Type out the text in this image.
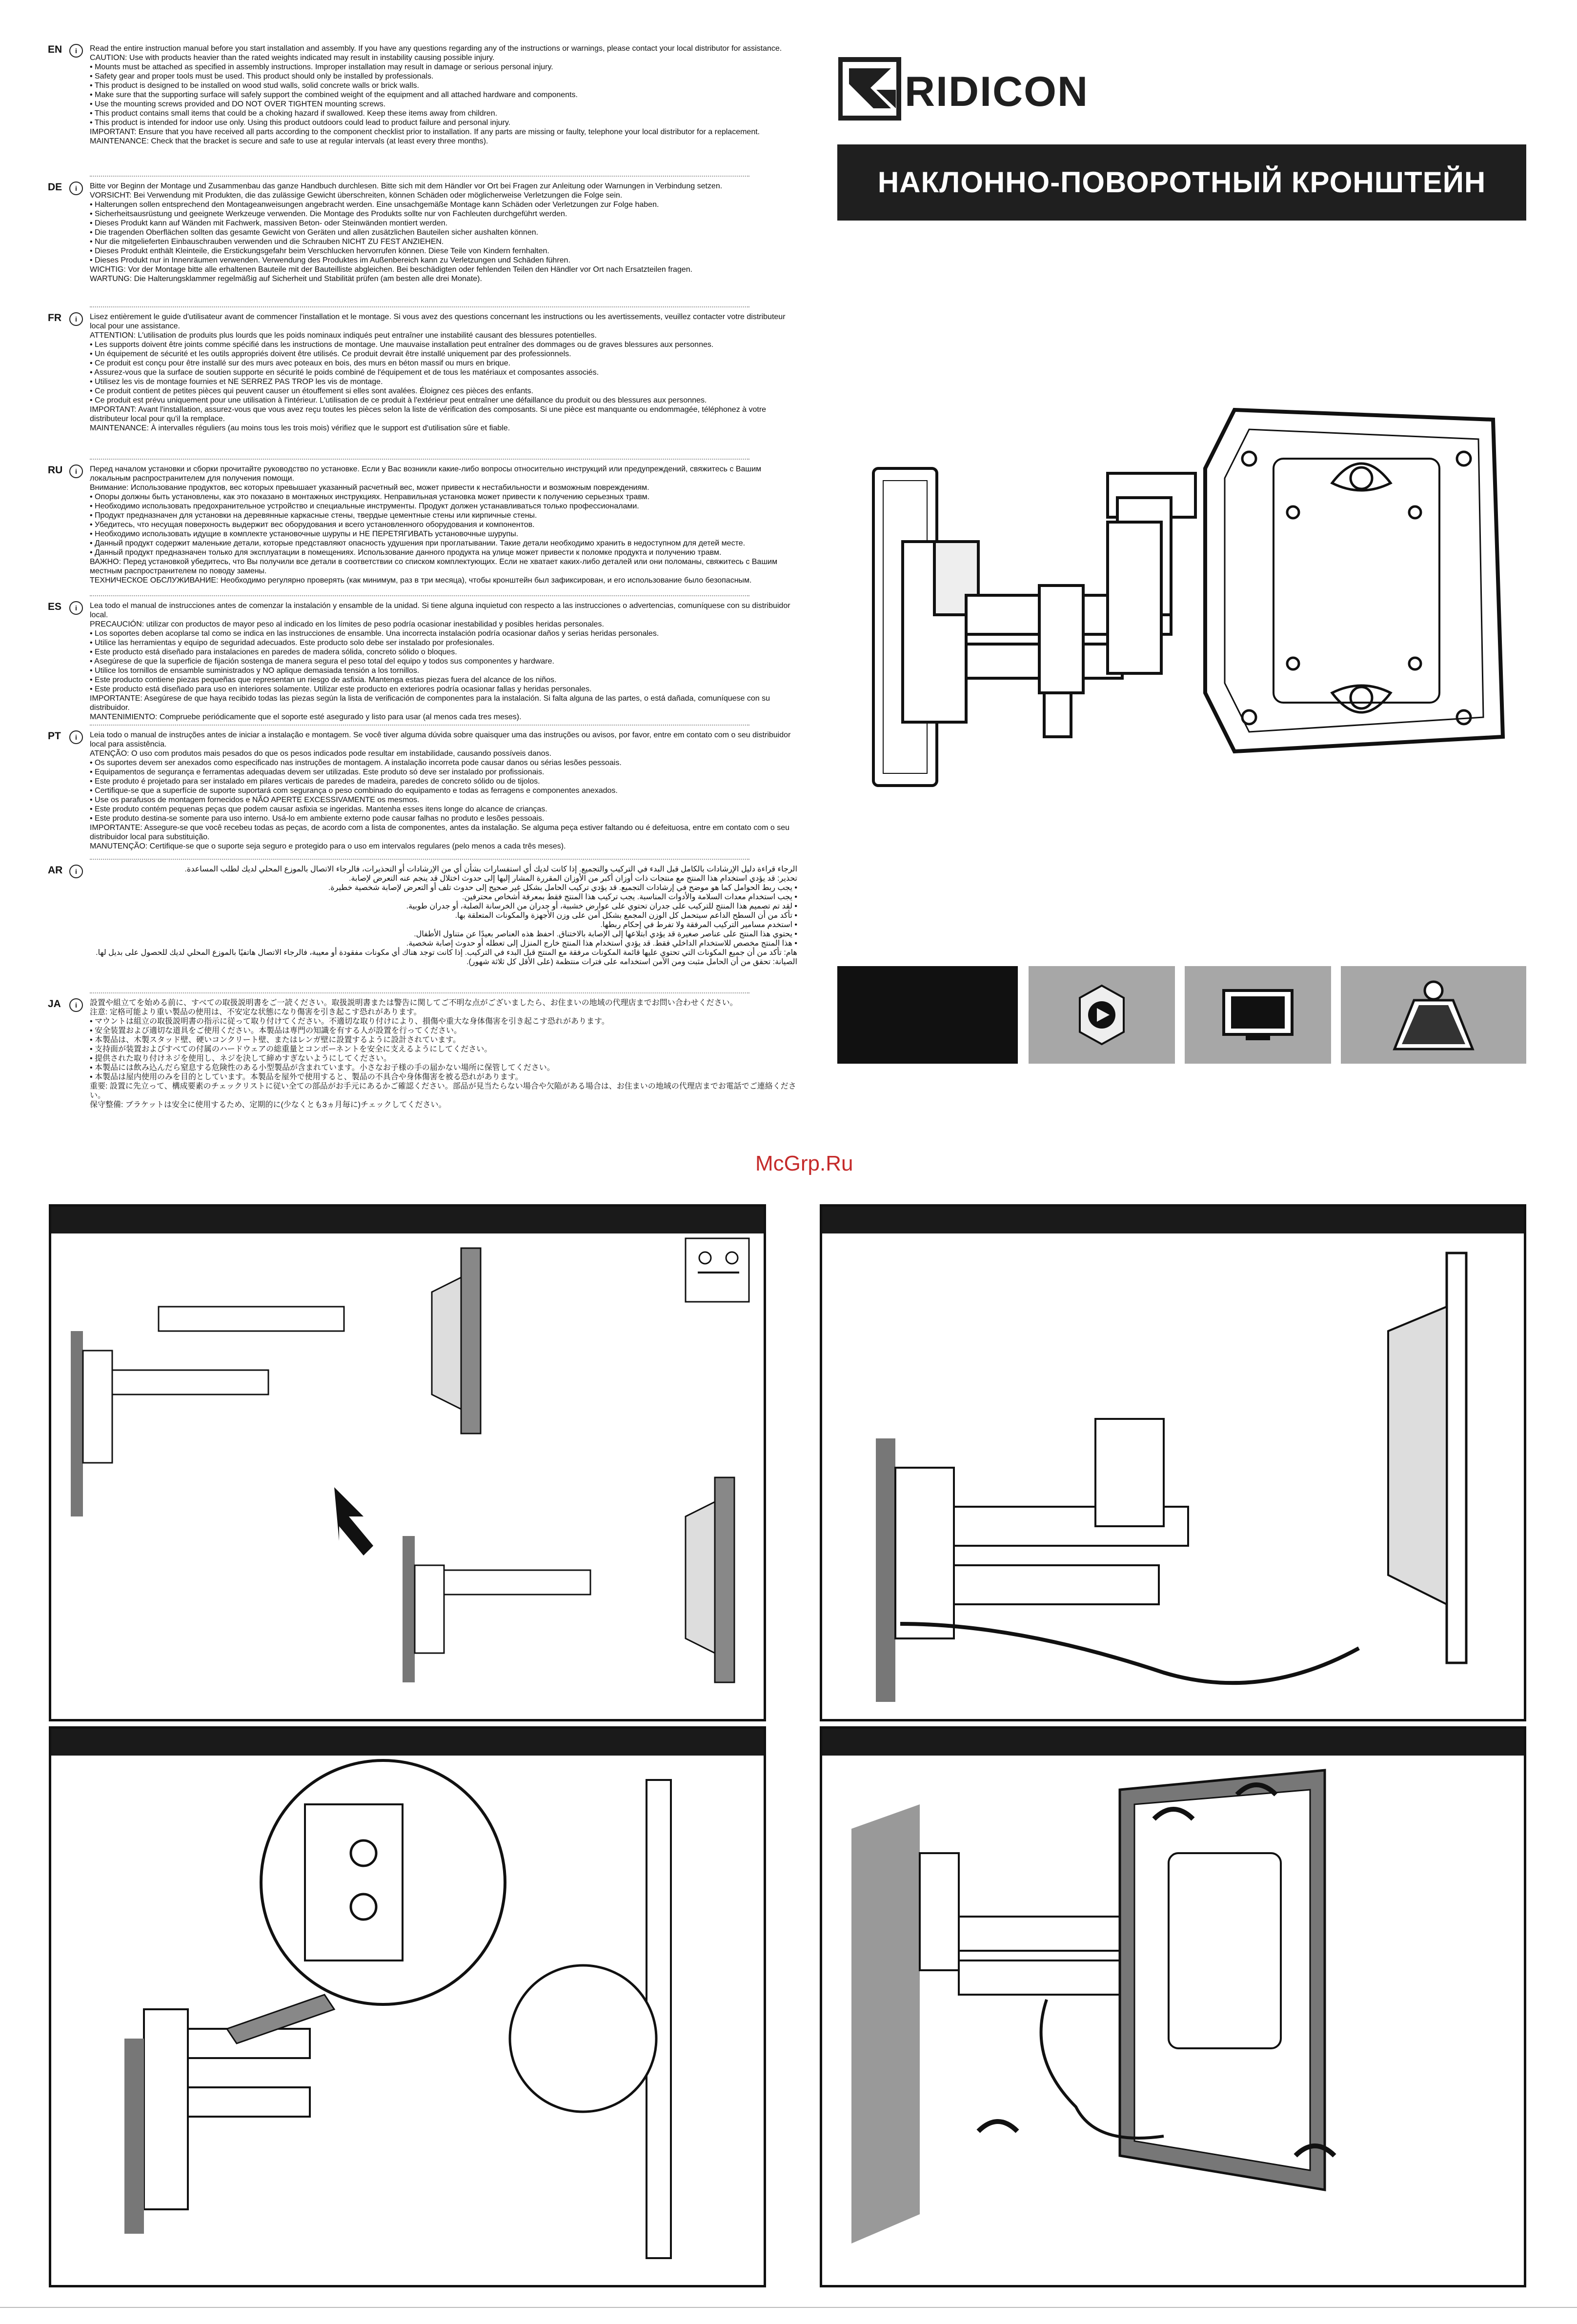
EN	i	Read the entire instruction manual before you start installation and assembly. If you have any questions regarding any of the instructions or warnings, please contact your local distributor for assistance.

CAUTION: Use with products heavier than the rated weights indicated may result in instability causing possible injury.

• Mounts must be attached as specified in assembly instructions. Improper installation may result in damage or serious personal injury.

• Safety gear and proper tools must be used. This product should only be installed by professionals.

• This product is designed to be installed on wood stud walls, solid concrete walls or brick walls.

• Make sure that the supporting surface will safely support the combined weight of the equipment and all attached hardware and components.

• Use the mounting screws provided and DO NOT OVER TIGHTEN mounting screws.

• This product contains small items that could be a choking hazard if swallowed. Keep these items away from children.

• This product is intended for indoor use only. Using this product outdoors could lead to product failure and personal injury.

IMPORTANT: Ensure that you have received all parts according to the component checklist prior to installation. If any parts are missing or faulty, telephone your local distributor for a replacement.

MAINTENANCE: Check that the bracket is secure and safe to use at regular intervals (at least every three months).

DE	i	Bitte vor Beginn der Montage und Zusammenbau das ganze Handbuch durchlesen. Bitte sich mit dem Händler vor Ort bei Fragen zur Anleitung oder Warnungen in Verbindung setzen.

VORSICHT: Bei Verwendung mit Produkten, die das zulässige Gewicht überschreiten, können Schäden oder möglicherweise Verletzungen die Folge sein.

• Halterungen sollen entsprechend den Montageanweisungen angebracht werden. Eine unsachgemäße Montage kann Schäden oder Verletzungen zur Folge haben.

• Sicherheitsausrüstung und geeignete Werkzeuge verwenden. Die Montage des Produkts sollte nur von Fachleuten durchgeführt werden.

• Dieses Produkt kann auf Wänden mit Fachwerk, massiven Beton- oder Steinwänden montiert werden.

• Die tragenden Oberflächen sollten das gesamte Gewicht von Geräten und allen zusätzlichen Bauteilen sicher aushalten können.

• Nur die mitgelieferten Einbauschrauben verwenden und die Schrauben NICHT ZU FEST ANZIEHEN.

• Dieses Produkt enthält Kleinteile, die Erstickungsgefahr beim Verschlucken hervorrufen können. Diese Teile von Kindern fernhalten.

• Dieses Produkt nur in Innenräumen verwenden. Verwendung des Produktes im Außenbereich kann zu Verletzungen und Schäden führen.

WICHTIG: Vor der Montage bitte alle erhaltenen Bauteile mit der Bauteilliste abgleichen. Bei beschädigten oder fehlenden Teilen den Händler vor Ort nach Ersatzteilen fragen.

WARTUNG: Die Halterungsklammer regelmäßig auf Sicherheit und Stabilität prüfen (am besten alle drei Monate).

FR	i	Lisez entièrement le guide d'utilisateur avant de commencer l'installation et le montage. Si vous avez des questions concernant les instructions ou les avertissements, veuillez contacter votre distributeur local pour une assistance.

ATTENTION: L'utilisation de produits plus lourds que les poids nominaux indiqués peut entraîner une instabilité causant des blessures potentielles.

• Les supports doivent être joints comme spécifié dans les instructions de montage. Une mauvaise installation peut entraîner des dommages ou de graves blessures aux personnes.

• Un équipement de sécurité et les outils appropriés doivent être utilisés. Ce produit devrait être installé uniquement par des professionnels.

• Ce produit est conçu pour être installé sur des murs avec poteaux en bois, des murs en béton massif ou murs en brique.

• Assurez-vous que la surface de soutien supporte en sécurité le poids combiné de l'équipement et de tous les matériaux et composantes associés.

• Utilisez les vis de montage fournies et NE SERREZ PAS TROP les vis de montage.

• Ce produit contient de petites pièces qui peuvent causer un étouffement si elles sont avalées. Éloignez ces pièces des enfants.

• Ce produit est prévu uniquement pour une utilisation à l'intérieur. L'utilisation de ce produit à l'extérieur peut entraîner une défaillance du produit ou des blessures aux personnes.

IMPORTANT: Avant l'installation, assurez-vous que vous avez reçu toutes les pièces selon la liste de vérification des composants. Si une pièce est manquante ou endommagée, téléphonez à votre distributeur local pour qu'il la remplace.

MAINTENANCE: À intervalles réguliers (au moins tous les trois mois) vérifiez que le support est d'utilisation sûre et fiable.

RU	i	Перед началом установки и сборки прочитайте руководство по установке. Если у Вас возникли какие-либо вопросы относительно инструкций или предупреждений, свяжитесь с Вашим локальным распространителем для получения помощи.

Внимание: Использование продуктов, вес которых превышает указанный расчетный вес, может привести к нестабильности и возможным повреждениям.

• Опоры должны быть установлены, как это показано в монтажных инструкциях. Неправильная установка может привести к получению серьезных травм.

• Необходимо использовать предохранительное устройство и специальные инструменты. Продукт должен устанавливаться только профессионалами.

• Продукт предназначен для установки на деревянные каркасные стены, твердые цементные стены или кирпичные стены.

• Убедитесь, что несущая поверхность выдержит вес оборудования и всего установленного оборудования и компонентов.

• Необходимо использовать идущие в комплекте установочные шурупы и НЕ ПЕРЕТЯГИВАТЬ установочные шурупы.

• Данный продукт содержит маленькие детали, которые представляют опасность удушения при проглатывании. Такие детали необходимо хранить в недоступном для детей месте.

• Данный продукт предназначен только для эксплуатации в помещениях. Использование данного продукта на улице может привести к поломке продукта и получению травм.

ВАЖНО: Перед установкой убедитесь, что Вы получили все детали в соответствии со списком комплектующих. Если не хватает каких-либо деталей или они поломаны, свяжитесь с Вашим местным распространителем по поводу замены.

ТЕХНИЧЕСКОЕ ОБСЛУЖИВАНИЕ: Необходимо регулярно проверять (как минимум, раз в три месяца), чтобы кронштейн был зафиксирован, и его использование было безопасным.

ES	i	Lea todo el manual de instrucciones antes de comenzar la instalación y ensamble de la unidad. Si tiene alguna inquietud con respecto a las instrucciones o advertencias, comuníquese con su distribuidor local.

PRECAUCIÓN: utilizar con productos de mayor peso al indicado en los límites de peso podría ocasionar inestabilidad y posibles heridas personales.

• Los soportes deben acoplarse tal como se indica en las instrucciones de ensamble. Una incorrecta instalación podría ocasionar daños y serias heridas personales.

• Utilice las herramientas y equipo de seguridad adecuados. Este producto solo debe ser instalado por profesionales.

• Este producto está diseñado para instalaciones en paredes de madera sólida, concreto sólido o bloques.

• Asegúrese de que la superficie de fijación sostenga de manera segura el peso total del equipo y todos sus componentes y hardware.

• Utilice los tornillos de ensamble suministrados y NO aplique demasiada tensión a los tornillos.

• Este producto contiene piezas pequeñas que representan un riesgo de asfixia. Mantenga estas piezas fuera del alcance de los niños.

• Este producto está diseñado para uso en interiores solamente. Utilizar este producto en exteriores podría ocasionar fallas y heridas personales.

IMPORTANTE: Asegúrese de que haya recibido todas las piezas según la lista de verificación de componentes para la instalación. Si falta alguna de las partes, o está dañada, comuníquese con su distribuidor.

MANTENIMIENTO: Compruebe periódicamente que el soporte esté asegurado y listo para usar (al menos cada tres meses).

PT	i	Leia todo o manual de instruções antes de iniciar a instalação e montagem. Se você tiver alguma dúvida sobre quaisquer uma das instruções ou avisos, por favor, entre em contato com o seu distribuidor local para assistência.

ATENÇÃO: O uso com produtos mais pesados do que os pesos indicados pode resultar em instabilidade, causando possíveis danos.

• Os suportes devem ser anexados como especificado nas instruções de montagem. A instalação incorreta pode causar danos ou sérias lesões pessoais.

• Equipamentos de segurança e ferramentas adequadas devem ser utilizadas. Este produto só deve ser instalado por profissionais.

• Este produto é projetado para ser instalado em pilares verticais de paredes de madeira, paredes de concreto sólido ou de tijolos.

• Certifique-se que a superfície de suporte suportará com segurança o peso combinado do equipamento e todas as ferragens e componentes anexados.

• Use os parafusos de montagem fornecidos e NÃO APERTE EXCESSIVAMENTE os mesmos.

• Este produto contém pequenas peças que podem causar asfixia se ingeridas. Mantenha esses itens longe do alcance de crianças.

• Este produto destina-se somente para uso interno. Usá-lo em ambiente externo pode causar falhas no produto e lesões pessoais.

IMPORTANTE: Assegure-se que você recebeu todas as peças, de acordo com a lista de componentes, antes da instalação. Se alguma peça estiver faltando ou é defeituosa, entre em contato com o seu distribuidor local para substituição.

MANUTENÇÃO: Certifique-se que o suporte seja seguro e protegido para o uso em intervalos regulares (pelo menos a cada três meses).

AR	i	الرجاء قراءة دليل الإرشادات بالكامل قبل البدء في التركيب والتجميع. إذا كانت لديك أي استفسارات بشأن أي من الإرشادات أو التحذيرات، فالرجاء الاتصال بالموزع المحلي لديك لطلب المساعدة.

تحذير: قد يؤدي استخدام هذا المنتج مع منتجات ذات أوزان أكبر من الأوزان المقررة المشار إليها إلى حدوث اختلال قد ينجم عنه التعرض لإصابة.

• يجب ربط الحوامل كما هو موضح في إرشادات التجميع. قد يؤدي تركيب الحامل بشكل غير صحيح إلى حدوث تلف أو التعرض لإصابة شخصية خطيرة.

• يجب استخدام معدات السلامة والأدوات المناسبة. يجب تركيب هذا المنتج فقط بمعرفة أشخاص محترفين.

• لقد تم تصميم هذا المنتج للتركيب على جدران تحتوي على عوارض خشبية، أو جدران من الخرسانة الصلبة، أو جدران طوبية.

• تأكد من أن السطح الداعم سيتحمل كل الوزن المجمع بشكل آمن على وزن الأجهزة والمكونات المتعلقة بها.

• استخدم مسامير التركيب المرفقة ولا تفرط في إحكام ربطها.

• يحتوي هذا المنتج على عناصر صغيرة قد يؤدي ابتلاعها إلى الإصابة بالاختناق. احفظ هذه العناصر بعيدًا عن متناول الأطفال.

• هذا المنتج مخصص للاستخدام الداخلي فقط. قد يؤدي استخدام هذا المنتج خارج المنزل إلى تعطله أو حدوث إصابة شخصية.

هام: تأكد من أن جميع المكونات التي تحتوي عليها قائمة المكونات مرفقة مع المنتج قبل البدء في التركيب. إذا كانت توجد هناك أي مكونات مفقودة أو معيبة، فالرجاء الاتصال هاتفيًا بالموزع المحلي لديك للحصول على بديل لها.

الصيانة: تحقق من أن الحامل مثبت ومن الآمن استخدامه على فترات منتظمة (على الأقل كل ثلاثة شهور).

JA	i	設置や組立てを始める前に、すべての取扱説明書をご一読ください。取扱説明書または警告に関してご不明な点がございましたら、お住まいの地域の代理店までお問い合わせください。

注意: 定格可能より重い製品の使用は、不安定な状態になり傷害を引き起こす恐れがあります。

• マウントは組立の取扱説明書の指示に従って取り付けてください。不適切な取り付けにより、損傷や重大な身体傷害を引き起こす恐れがあります。

• 安全装置および適切な道具をご使用ください。本製品は専門の知識を有する人が設置を行ってください。

• 本製品は、木製スタッド壁、硬いコンクリート壁、またはレンガ壁に設置するように設計されています。

• 支持面が装置およびすべての付属のハードウェアの総重量とコンポーネントを安全に支えるようにしてください。

• 提供された取り付けネジを使用し、ネジを決して締めすぎないようにしてください。

• 本製品には飲み込んだら窒息する危険性のある小型製品が含まれています。小さなお子様の手の届かない場所に保管してください。

• 本製品は屋内使用のみを目的としています。本製品を屋外で使用すると、製品の不具合や身体傷害を被る恐れがあります。

重要: 設置に先立って、構成要素のチェックリストに従い全ての部品がお手元にあるかご確認ください。部品が見当たらない場合や欠陥がある場合は、お住まいの地域の代理店までお電話でご連絡ください。

保守整備: ブラケットは安全に使用するため、定期的に(少なくとも3ヵ月毎に)チェックしてください。

RIDICON
НАКЛОННО-ПОВОРОТНЫЙ КРОНШТЕЙН
McGrp.Ru
